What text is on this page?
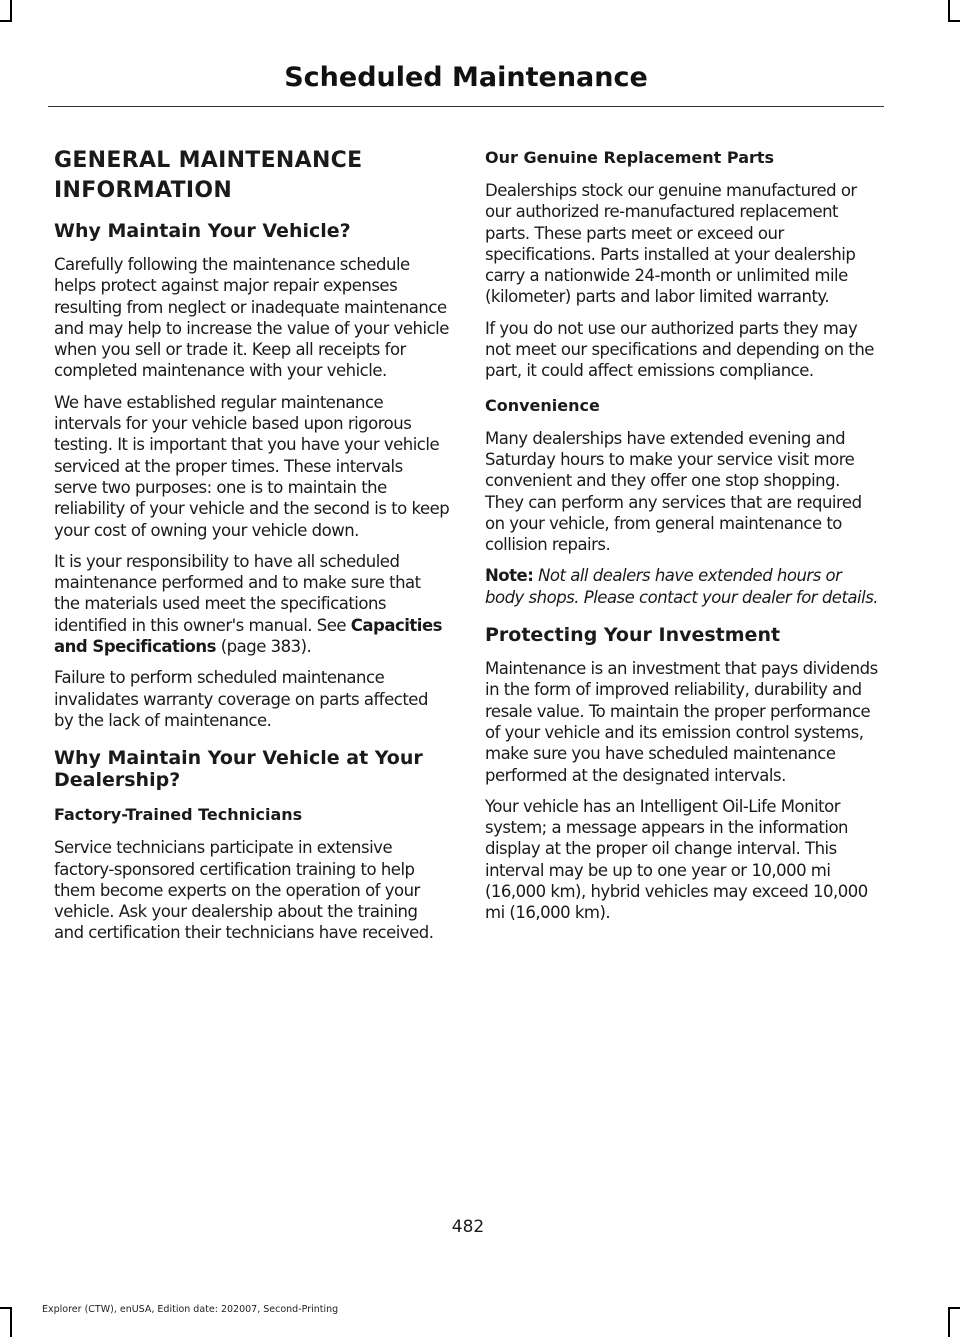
Scheduled Maintenance
GENERAL MAINTENANCE INFORMATION
Why Maintain Your Vehicle?

Carefully following the maintenance schedule helps protect against major repair expenses resulting from neglect or inadequate maintenance and may help to increase the value of your vehicle when you sell or trade it. Keep all receipts for completed maintenance with your vehicle.

We have established regular maintenance intervals for your vehicle based upon rigorous testing. It is important that you have your vehicle serviced at the proper times. These intervals serve two purposes: one is to maintain the reliability of your vehicle and the second is to keep your cost of owning your vehicle down.

It is your responsibility to have all scheduled maintenance performed and to make sure that the materials used meet the specifications identified in this owner's manual. See Capacities and Specifications (page 383).

Failure to perform scheduled maintenance invalidates warranty coverage on parts affected by the lack of maintenance.

Why Maintain Your Vehicle at Your Dealership?
Factory-Trained Technicians

Service technicians participate in extensive factory-sponsored certification training to help them become experts on the operation of your vehicle. Ask your dealership about the training and certification their technicians have received.

Our Genuine Replacement Parts

Dealerships stock our genuine manufactured or our authorized re-manufactured replacement parts. These parts meet or exceed our specifications. Parts installed at your dealership carry a nationwide 24-month or unlimited mile (kilometer) parts and labor limited warranty.

If you do not use our authorized parts they may not meet our specifications and depending on the part, it could affect emissions compliance.

Convenience

Many dealerships have extended evening and Saturday hours to make your service visit more convenient and they offer one stop shopping. They can perform any services that are required on your vehicle, from general maintenance to collision repairs.

Note: Not all dealers have extended hours or body shops. Please contact your dealer for details.

Protecting Your Investment

Maintenance is an investment that pays dividends in the form of improved reliability, durability and resale value. To maintain the proper performance of your vehicle and its emission control systems, make sure you have scheduled maintenance performed at the designated intervals.

Your vehicle has an Intelligent Oil-Life Monitor system; a message appears in the information display at the proper oil change interval. This interval may be up to one year or 10,000 mi (16,000 km), hybrid vehicles may exceed 10,000 mi (16,000 km).

482
Explorer (CTW), enUSA, Edition date: 202007, Second-Printing
